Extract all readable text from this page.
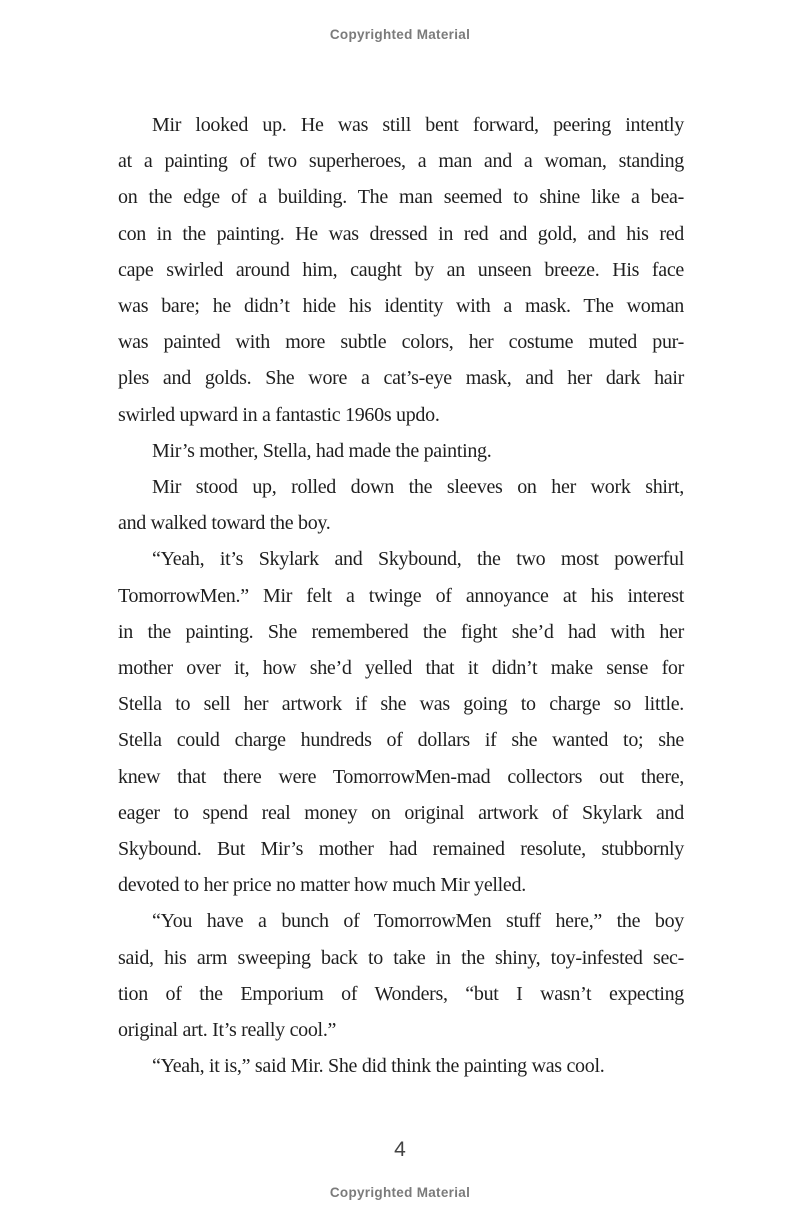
Copyrighted Material
Mir looked up. He was still bent forward, peering intently
at a painting of two superheroes, a man and a woman, standing
on the edge of a building. The man seemed to shine like a bea-
con in the painting. He was dressed in red and gold, and his red
cape swirled around him, caught by an unseen breeze. His face
was bare; he didn’t hide his identity with a mask. The woman
was painted with more subtle colors, her costume muted pur-
ples and golds. She wore a cat’s-eye mask, and her dark hair
swirled upward in a fantastic 1960s updo.
Mir’s mother, Stella, had made the painting.
Mir stood up, rolled down the sleeves on her work shirt,
and walked toward the boy.
“Yeah, it’s Skylark and Skybound, the two most powerful
TomorrowMen.” Mir felt a twinge of annoyance at his interest
in the painting. She remembered the fight she’d had with her
mother over it, how she’d yelled that it didn’t make sense for
Stella to sell her artwork if she was going to charge so little.
Stella could charge hundreds of dollars if she wanted to; she
knew that there were TomorrowMen-mad collectors out there,
eager to spend real money on original artwork of Skylark and
Skybound. But Mir’s mother had remained resolute, stubbornly
devoted to her price no matter how much Mir yelled.
“You have a bunch of TomorrowMen stuff here,” the boy
said, his arm sweeping back to take in the shiny, toy-infested sec-
tion of the Emporium of Wonders, “but I wasn’t expecting
original art. It’s really cool.”
“Yeah, it is,” said Mir. She did think the painting was cool.
4
Copyrighted Material
